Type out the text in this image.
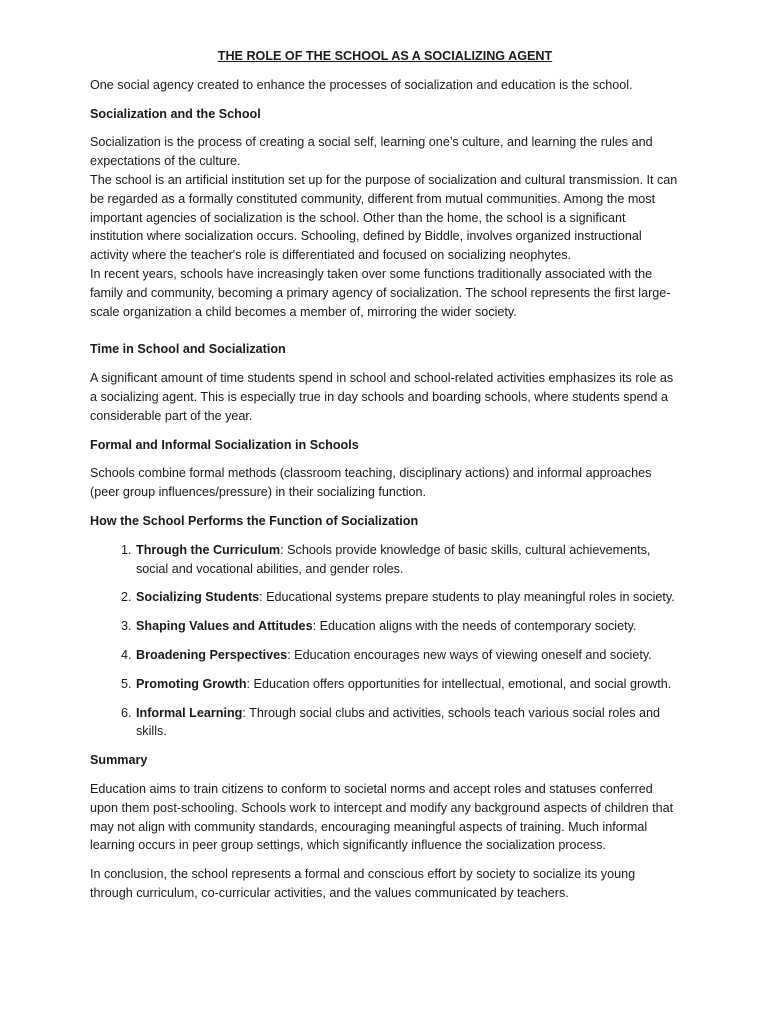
THE ROLE OF THE SCHOOL AS A SOCIALIZING AGENT

One social agency created to enhance the processes of socialization and education is the school.

Socialization and the School

Socialization is the process of creating a social self, learning one’s culture, and learning the rules and expectations of the culture.

The school is an artificial institution set up for the purpose of socialization and cultural transmission. It can be regarded as a formally constituted community, different from mutual communities. Among the most important agencies of socialization is the school. Other than the home, the school is a significant institution where socialization occurs. Schooling, defined by Biddle, involves organized instructional activity where the teacher's role is differentiated and focused on socializing neophytes.

In recent years, schools have increasingly taken over some functions traditionally associated with the family and community, becoming a primary agency of socialization. The school represents the first large-scale organization a child becomes a member of, mirroring the wider society.

Time in School and Socialization

A significant amount of time students spend in school and school-related activities emphasizes its role as a socializing agent. This is especially true in day schools and boarding schools, where students spend a considerable part of the year.

Formal and Informal Socialization in Schools

Schools combine formal methods (classroom teaching, disciplinary actions) and informal approaches (peer group influences/pressure) in their socializing function.

How the School Performs the Function of Socialization
1. Through the Curriculum: Schools provide knowledge of basic skills, cultural achievements, social and vocational abilities, and gender roles.
2. Socializing Students: Educational systems prepare students to play meaningful roles in society.
3. Shaping Values and Attitudes: Education aligns with the needs of contemporary society.
4. Broadening Perspectives: Education encourages new ways of viewing oneself and society.
5. Promoting Growth: Education offers opportunities for intellectual, emotional, and social growth.
6. Informal Learning: Through social clubs and activities, schools teach various social roles and skills.
Summary

Education aims to train citizens to conform to societal norms and accept roles and statuses conferred upon them post-schooling. Schools work to intercept and modify any background aspects of children that may not align with community standards, encouraging meaningful aspects of training. Much informal learning occurs in peer group settings, which significantly influence the socialization process.

In conclusion, the school represents a formal and conscious effort by society to socialize its young through curriculum, co-curricular activities, and the values communicated by teachers.
